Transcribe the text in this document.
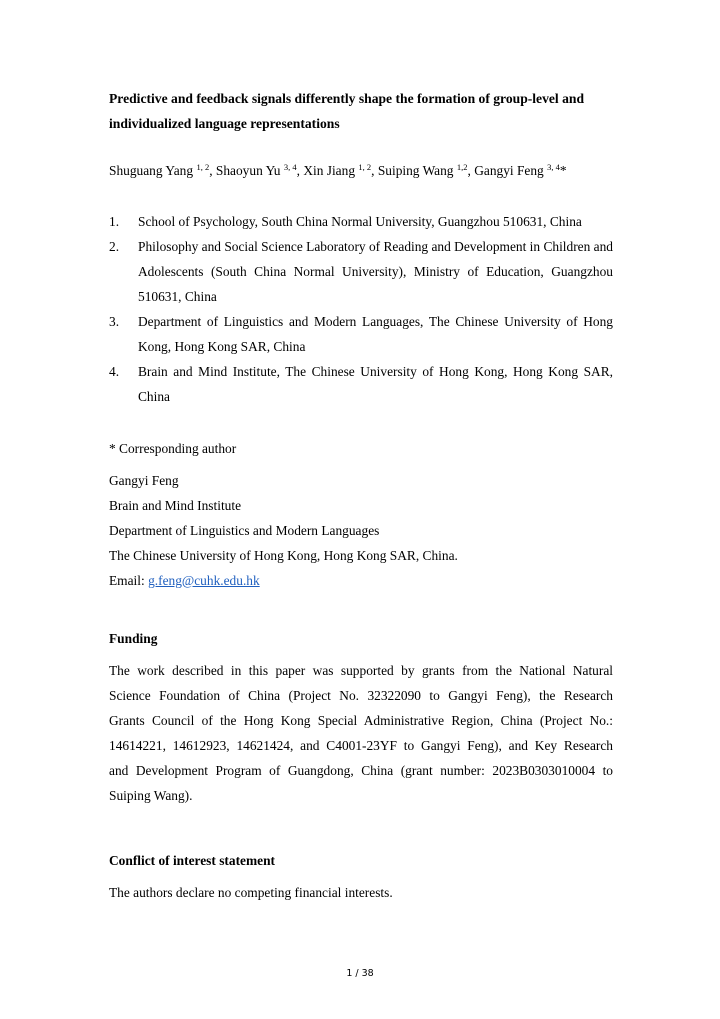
Predictive and feedback signals differently shape the formation of group-level and individualized language representations
Shuguang Yang $^{1, 2}$, Shaoyun Yu $^{3, 4}$, Xin Jiang $^{1, 2}$, Suiping Wang $^{1,2}$, Gangyi Feng $^{3, 4}$*
1. School of Psychology, South China Normal University, Guangzhou 510631, China
2. Philosophy and Social Science Laboratory of Reading and Development in Children and Adolescents (South China Normal University), Ministry of Education, Guangzhou 510631, China
3. Department of Linguistics and Modern Languages, The Chinese University of Hong Kong, Hong Kong SAR, China
4. Brain and Mind Institute, The Chinese University of Hong Kong, Hong Kong SAR, China
* Corresponding author
Gangyi Feng
Brain and Mind Institute
Department of Linguistics and Modern Languages
The Chinese University of Hong Kong, Hong Kong SAR, China.
Email: g.feng@cuhk.edu.hk
Funding
The work described in this paper was supported by grants from the National Natural
Science Foundation of China (Project No. 32322090 to Gangyi Feng), the Research
Grants Council of the Hong Kong Special Administrative Region, China (Project No.:
14614221, 14612923, 14621424, and C4001-23YF to Gangyi Feng), and Key Research
and Development Program of Guangdong, China (grant number: 2023B0303010004 to
Suiping Wang).
Conflict of interest statement
The authors declare no competing financial interests.
1 / 38
